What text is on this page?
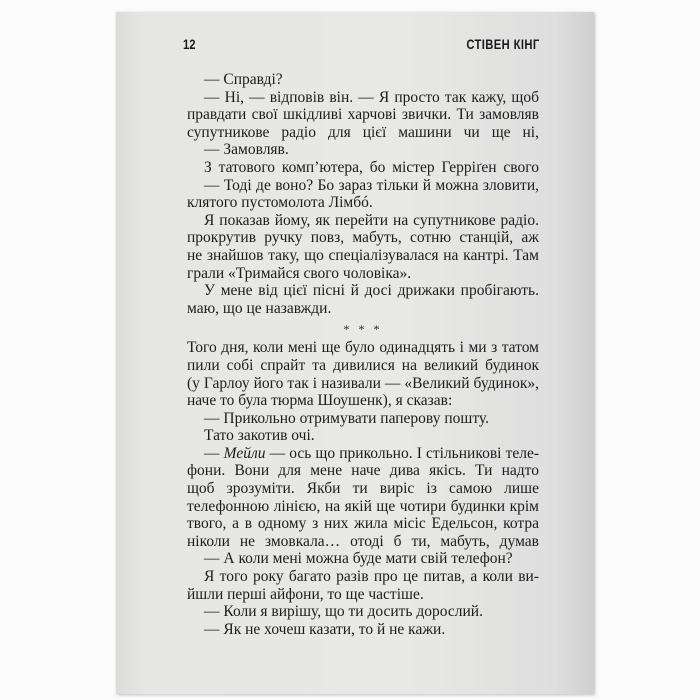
12	СТІВЕН КІНГ
— Справді?
— Ні, — відповів він. — Я просто так кажу, щоб
правдати свої шкідливі харчові звички. Ти замовляв
супутникове радіо для цієї машини чи ще ні,
— Замовляв.
З татового комп’ютера, бо містер Герріґен свого
— Тоді де воно? Бо зараз тільки й можна зловити,
клятого пустомолота Лімбó.
Я показав йому, як перейти на супутникове радіо.
прокрутив ручку повз, мабуть, сотню станцій, аж
не знайшов таку, що спеціалізувалася на кантрі. Там
грали «Тримайся свого чоловіка».
У мене від цієї пісні й досі дрижаки пробігають.
маю, що це назавжди.
* * *
Того дня, коли мені ще було одинадцять і ми з татом
пили собі спрайт та дивилися на великий будинок
(у Гарлоу його так і називали — «Великий будинок»,
наче то була тюрма Шоушенк), я сказав:
— Прикольно отримувати паперову пошту.
Тато закотив очі.
— Мейли — ось що прикольно. І стільникові теле-
фони. Вони для мене наче дива якісь. Ти надто
щоб зрозуміти. Якби ти виріс із самою лише
телефонною лінією, на якій ще чотири будинки крім
твого, а в одному з них жила місіс Едельсон, котра
ніколи не змовкала… отоді б ти, мабуть, думав
— А коли мені можна буде мати свій телефон?
Я того року багато разів про це питав, а коли ви-
йшли перші айфони, то ще частіше.
— Коли я вирішу, що ти досить дорослий.
— Як не хочеш казати, то й не кажи.
